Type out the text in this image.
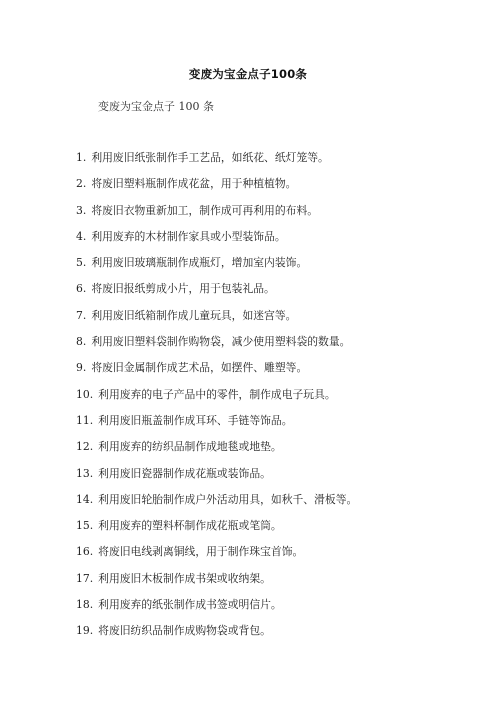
变废为宝金点子100条
变废为宝金点子 100 条
1. 利用废旧纸张制作手工艺品，如纸花、纸灯笼等。
2. 将废旧塑料瓶制作成花盆，用于种植植物。
3. 将废旧衣物重新加工，制作成可再利用的布料。
4. 利用废弃的木材制作家具或小型装饰品。
5. 利用废旧玻璃瓶制作成瓶灯，增加室内装饰。
6. 将废旧报纸剪成小片，用于包装礼品。
7. 利用废旧纸箱制作成儿童玩具，如迷宫等。
8. 利用废旧塑料袋制作购物袋，减少使用塑料袋的数量。
9. 将废旧金属制作成艺术品，如摆件、雕塑等。
10. 利用废弃的电子产品中的零件，制作成电子玩具。
11. 利用废旧瓶盖制作成耳环、手链等饰品。
12. 利用废弃的纺织品制作成地毯或地垫。
13. 利用废旧瓷器制作成花瓶或装饰品。
14. 利用废旧轮胎制作成户外活动用具，如秋千、滑板等。
15. 利用废弃的塑料杯制作成花瓶或笔筒。
16. 将废旧电线剥离铜线，用于制作珠宝首饰。
17. 利用废旧木板制作成书架或收纳架。
18. 利用废弃的纸张制作成书签或明信片。
19. 将废旧纺织品制作成购物袋或背包。
